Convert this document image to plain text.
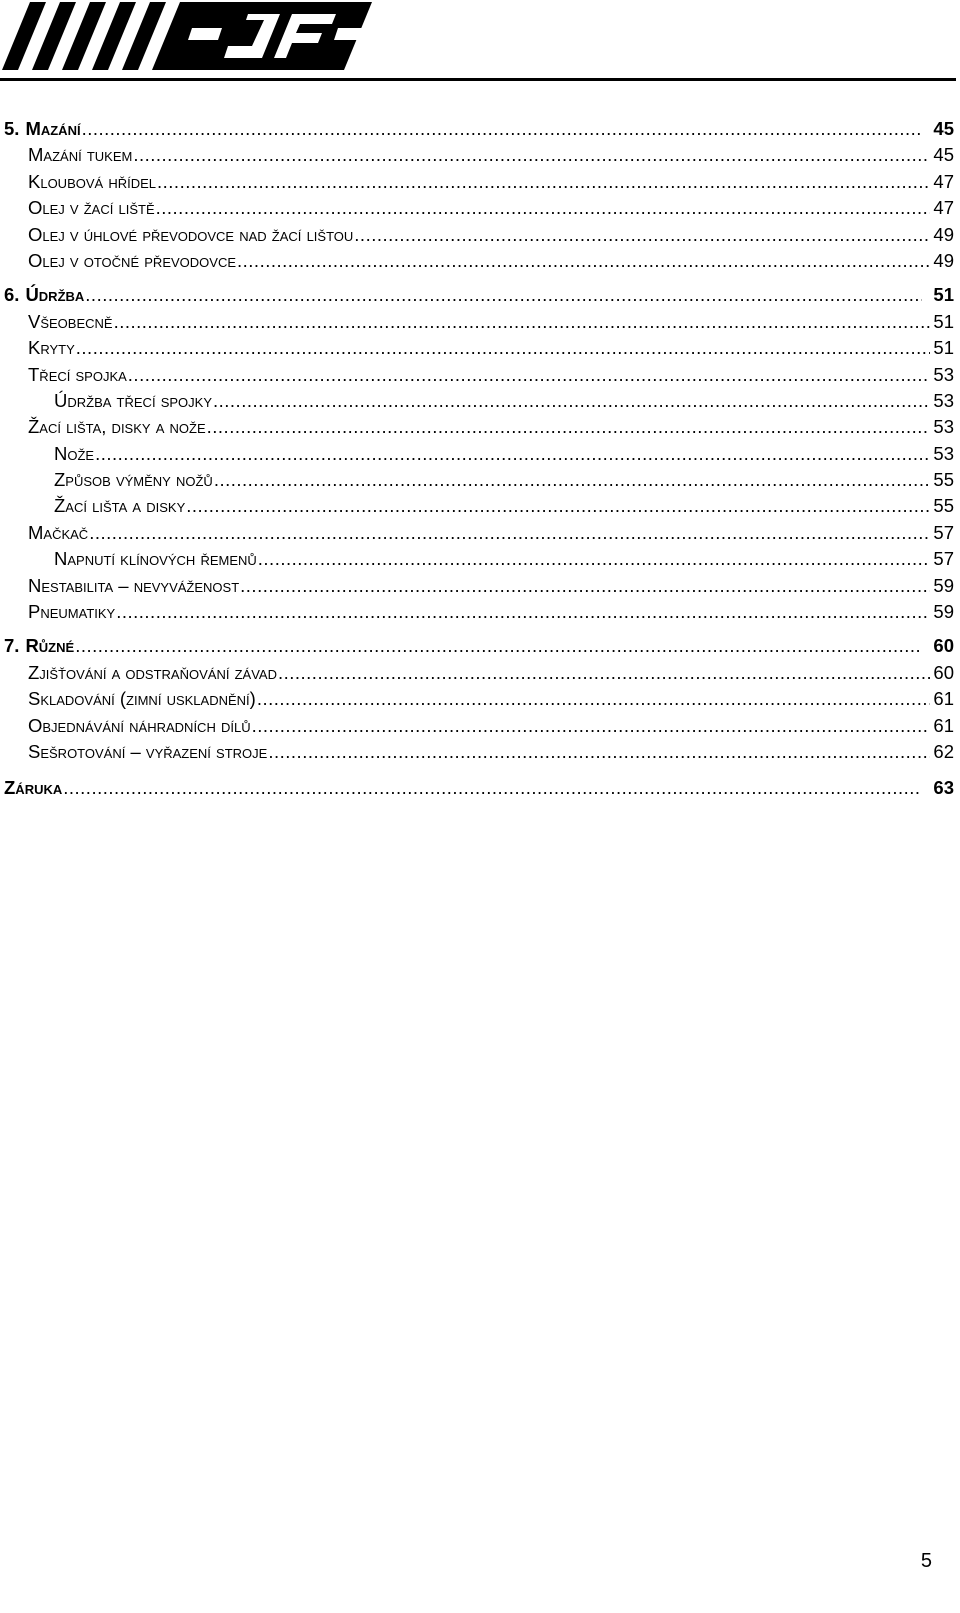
5. Mazání .....	45
Mazání tukem .....	45
Kloubová hřídel .....	47
Olej v žací liště .....	47
Olej v úhlové převodovce nad žací lištou .....	49
Olej v otočné převodovce .....	49
6. Údržba .....	51
Všeobecně .....	51
Kryty .....	51
Třecí spojka .....	53
Údržba třecí spojky .....	53
Žací lišta, disky a nože .....	53
Nože .....	53
Způsob výměny nožů .....	55
Žací lišta a disky .....	55
Mačkač .....	57
Napnutí klínových řemenů .....	57
Nestabilita – nevyváženost .....	59
Pneumatiky .....	59
7. Různé .....	60
Zjišťování a odstraňování závad .....	60
Skladování (zimní uskladnění) .....	61
Objednávání náhradních dílů .....	61
Sešrotování – vyřazení stroje .....	62
Záruka .....	63
5
